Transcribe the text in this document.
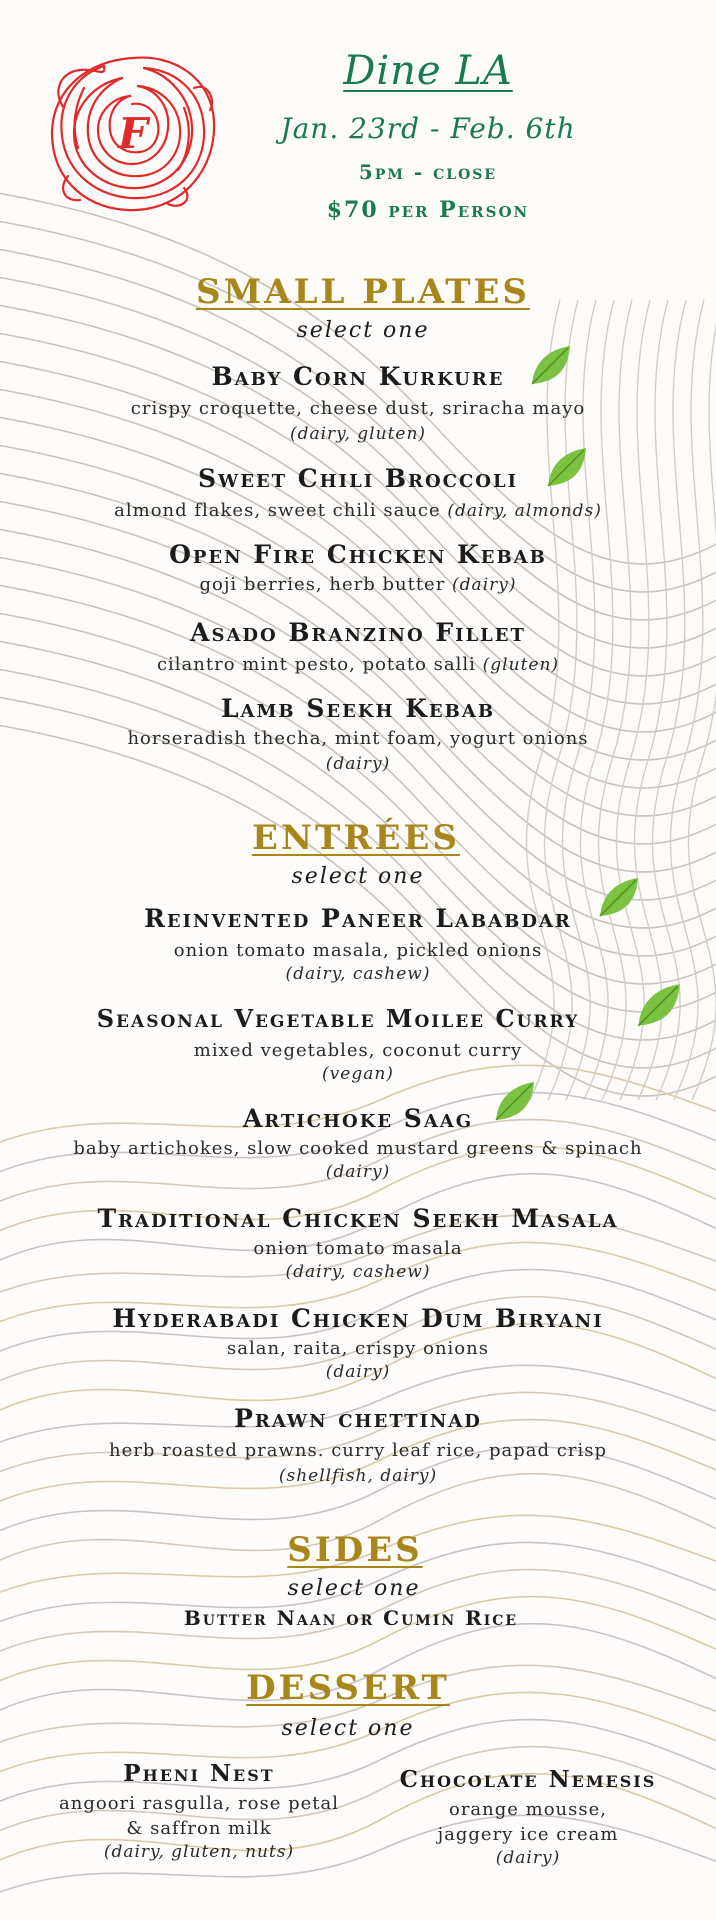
F
Dine LA
Jan. 23rd - Feb. 6th
5pm - close
$70 per Person
SMALL PLATES
select one
Baby Corn Kurkure
crispy croquette, cheese dust, sriracha mayo
(dairy, gluten)
Sweet Chili Broccoli
almond flakes, sweet chili sauce (dairy, almonds)
Open Fire Chicken Kebab
goji berries, herb butter (dairy)
Asado Branzino Fillet
cilantro mint pesto, potato salli (gluten)
Lamb Seekh Kebab
horseradish thecha, mint foam, yogurt onions
(dairy)
ENTRÉES
select one
Reinvented Paneer Lababdar
onion tomato masala, pickled onions
(dairy, cashew)
Seasonal Vegetable Moilee Curry
mixed vegetables, coconut curry
(vegan)
Artichoke Saag
baby artichokes, slow cooked mustard greens & spinach
(dairy)
Traditional Chicken Seekh Masala
onion tomato masala
(dairy, cashew)
Hyderabadi Chicken Dum Biryani
salan, raita, crispy onions
(dairy)
Prawn chettinad
herb roasted prawns. curry leaf rice, papad crisp
(shellfish, dairy)
SIDES
select one
Butter Naan or Cumin Rice
DESSERT
select one
Pheni Nest
angoori rasgulla, rose petal
& saffron milk
(dairy, gluten, nuts)
Chocolate Nemesis
orange mousse,
jaggery ice cream
(dairy)
